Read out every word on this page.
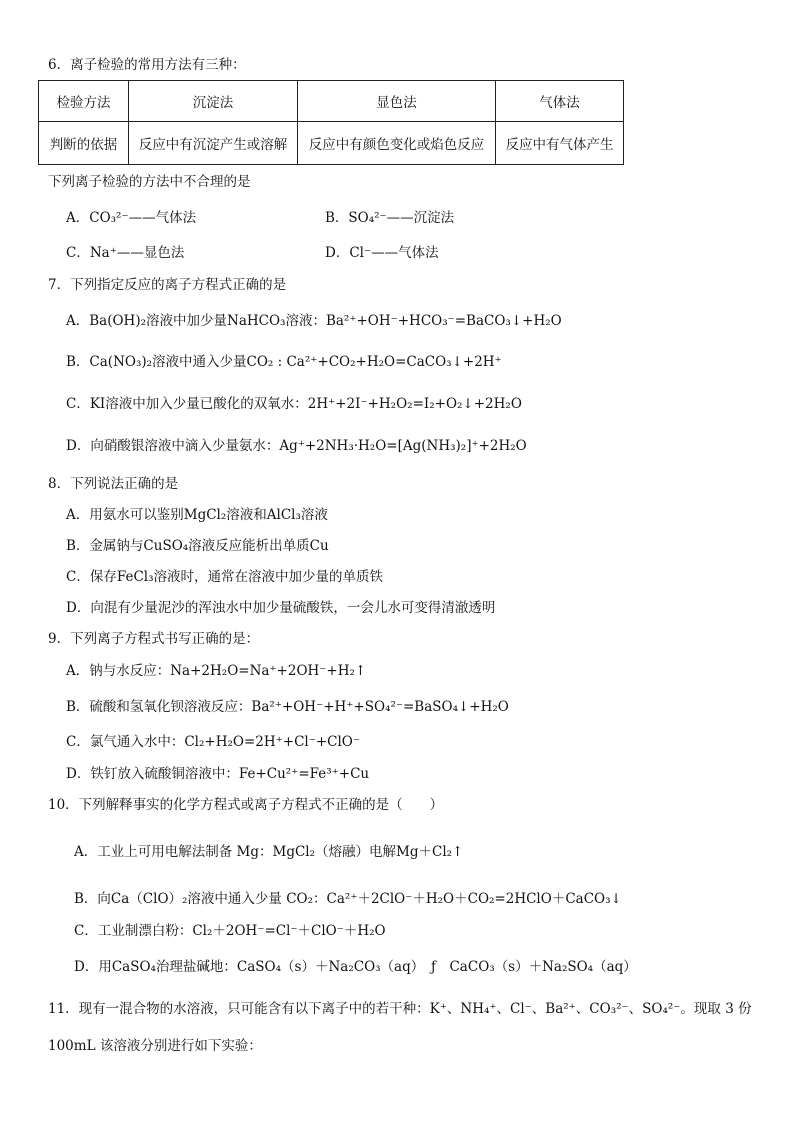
6．离子检验的常用方法有三种：
检验方法	沉淀法	显色法	气体法
判断的依据	反应中有沉淀产生或溶解	反应中有颜色变化或焰色反应	反应中有气体产生
下列离子检验的方法中不合理的是
A．CO₃²⁻——气体法	B．SO₄²⁻——沉淀法
C．Na⁺——显色法	D．Cl⁻——气体法
7．下列指定反应的离子方程式正确的是
A．Ba(OH)₂溶液中加少量NaHCO₃溶液：Ba²⁺+OH⁻+HCO₃⁻=BaCO₃↓+H₂O
B．Ca(NO₃)₂溶液中通入少量CO₂ : Ca²⁺+CO₂+H₂O=CaCO₃↓+2H⁺
C．KI溶液中加入少量已酸化的双氧水：2H⁺+2I⁻+H₂O₂=I₂+O₂↓+2H₂O
D．向硝酸银溶液中滴入少量氨水：Ag⁺+2NH₃·H₂O=[Ag(NH₃)₂]⁺+2H₂O
8．下列说法正确的是
A．用氨水可以鉴别MgCl₂溶液和AlCl₃溶液
B．金属钠与CuSO₄溶液反应能析出单质Cu
C．保存FeCl₃溶液时，通常在溶液中加少量的单质铁
D．向混有少量泥沙的浑浊水中加少量硫酸铁，一会儿水可变得清澈透明
9．下列离子方程式书写正确的是：
A．钠与水反应：Na+2H₂O=Na⁺+2OH⁻+H₂↑
B．硫酸和氢氧化钡溶液反应：Ba²⁺+OH⁻+H⁺+SO₄²⁻=BaSO₄↓+H₂O
C．氯气通入水中：Cl₂+H₂O=2H⁺+Cl⁻+ClO⁻
D．铁钉放入硫酸铜溶液中：Fe+Cu²⁺=Fe³⁺+Cu
10．下列解释事实的化学方程式或离子方程式不正确的是（　　）
A．工业上可用电解法制备 Mg：MgCl₂（熔融）电解Mg＋Cl₂↑
B．向Ca（ClO）₂溶液中通入少量 CO₂：Ca²⁺＋2ClO⁻＋H₂O＋CO₂=2HClO＋CaCO₃↓
C．工业制漂白粉：Cl₂＋2OH⁻=Cl⁻＋ClO⁻＋H₂O
D．用CaSO₄治理盐碱地：CaSO₄（s）＋Na₂CO₃（aq）　ƒ　CaCO₃（s）＋Na₂SO₄（aq）
11．现有一混合物的水溶液，只可能含有以下离子中的若干种：K⁺、NH₄⁺、Cl⁻、Ba²⁺、CO₃²⁻、SO₄²⁻。现取 3 份
100mL 该溶液分别进行如下实验：
